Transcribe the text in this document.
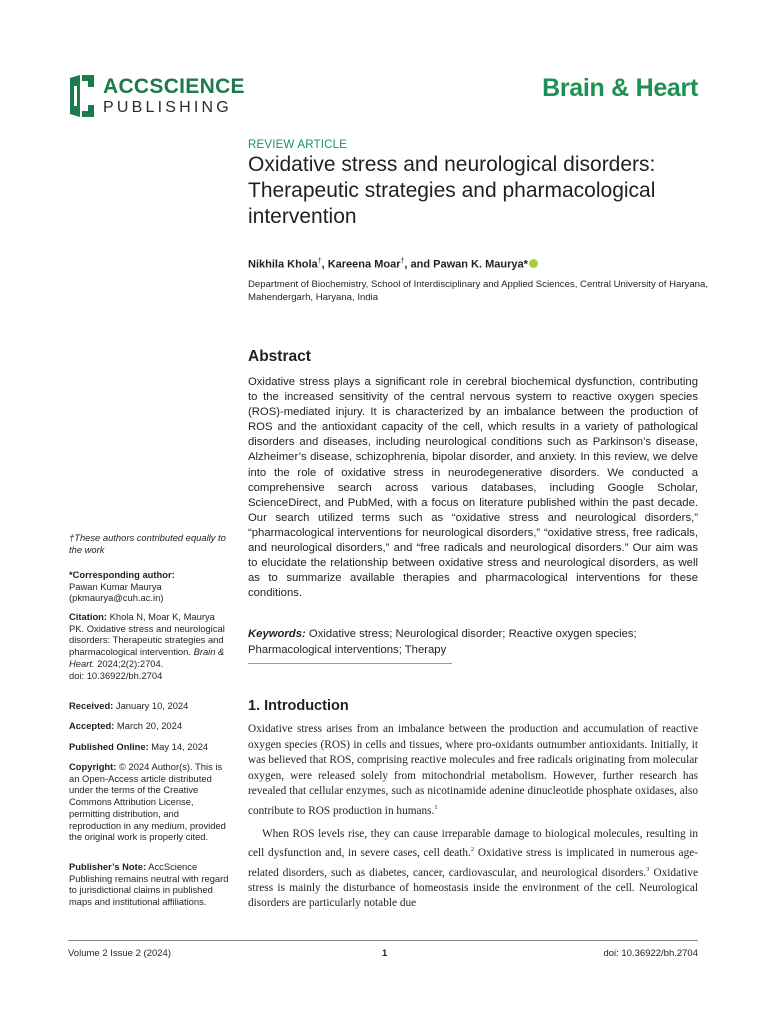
ACCSCIENCE
PUBLISHING
Brain & Heart
REVIEW ARTICLE
Oxidative stress and neurological disorders: Therapeutic strategies and pharmacological intervention
Nikhila Khola†, Kareena Moar†, and Pawan K. Maurya*
Department of Biochemistry, School of Interdisciplinary and Applied Sciences, Central University of Haryana, Mahendergarh, Haryana, India
Abstract
Oxidative stress plays a significant role in cerebral biochemical dysfunction, contributing to the increased sensitivity of the central nervous system to reactive oxygen species (ROS)-mediated injury. It is characterized by an imbalance between the production of ROS and the antioxidant capacity of the cell, which results in a variety of pathological disorders and diseases, including neurological conditions such as Parkinson’s disease, Alzheimer’s disease, schizophrenia, bipolar disorder, and anxiety. In this review, we delve into the role of oxidative stress in neurodegenerative disorders. We conducted a comprehensive search across various databases, including Google Scholar, ScienceDirect, and PubMed, with a focus on literature published within the past decade. Our search utilized terms such as “oxidative stress and neurological disorders,” “pharmacological interventions for neurological disorders,” “oxidative stress, free radicals, and neurological disorders,” and “free radicals and neurological disorders.” Our aim was to elucidate the relationship between oxidative stress and neurological disorders, as well as to summarize available therapies and pharmacological interventions for these conditions.
Keywords: Oxidative stress; Neurological disorder; Reactive oxygen species; Pharmacological interventions; Therapy
1. Introduction

Oxidative stress arises from an imbalance between the production and accumulation of reactive oxygen species (ROS) in cells and tissues, where pro-oxidants outnumber antioxidants. Initially, it was believed that ROS, comprising reactive molecules and free radicals originating from molecular oxygen, were released solely from mitochondrial metabolism. However, further research has revealed that cellular enzymes, such as nicotinamide adenine dinucleotide phosphate oxidases, also contribute to ROS production in humans.$^1$

When ROS levels rise, they can cause irreparable damage to biological molecules, resulting in cell dysfunction and, in severe cases, cell death.$^2$ Oxidative stress is implicated in numerous age-related disorders, such as diabetes, cancer, cardiovascular, and neurological disorders.$^3$ Oxidative stress is mainly the disturbance of homeostasis inside the environment of the cell. Neurological disorders are particularly notable due

†These authors contributed equally to the work
*Corresponding author:
Pawan Kumar Maurya
(pkmaurya@cuh.ac.in)
Citation: Khola N, Moar K, Maurya PK. Oxidative stress and neurological disorders: Therapeutic strategies and pharmacological intervention. Brain & Heart. 2024;2(2):2704.
doi: 10.36922/bh.2704
Received: January 10, 2024
Accepted: March 20, 2024
Published Online: May 14, 2024
Copyright: © 2024 Author(s). This is an Open-Access article distributed under the terms of the Creative Commons Attribution License, permitting distribution, and reproduction in any medium, provided the original work is properly cited.
Publisher’s Note: AccScience Publishing remains neutral with regard to jurisdictional claims in published maps and institutional affiliations.
Volume 2 Issue 2 (2024)	1	doi: 10.36922/bh.2704
